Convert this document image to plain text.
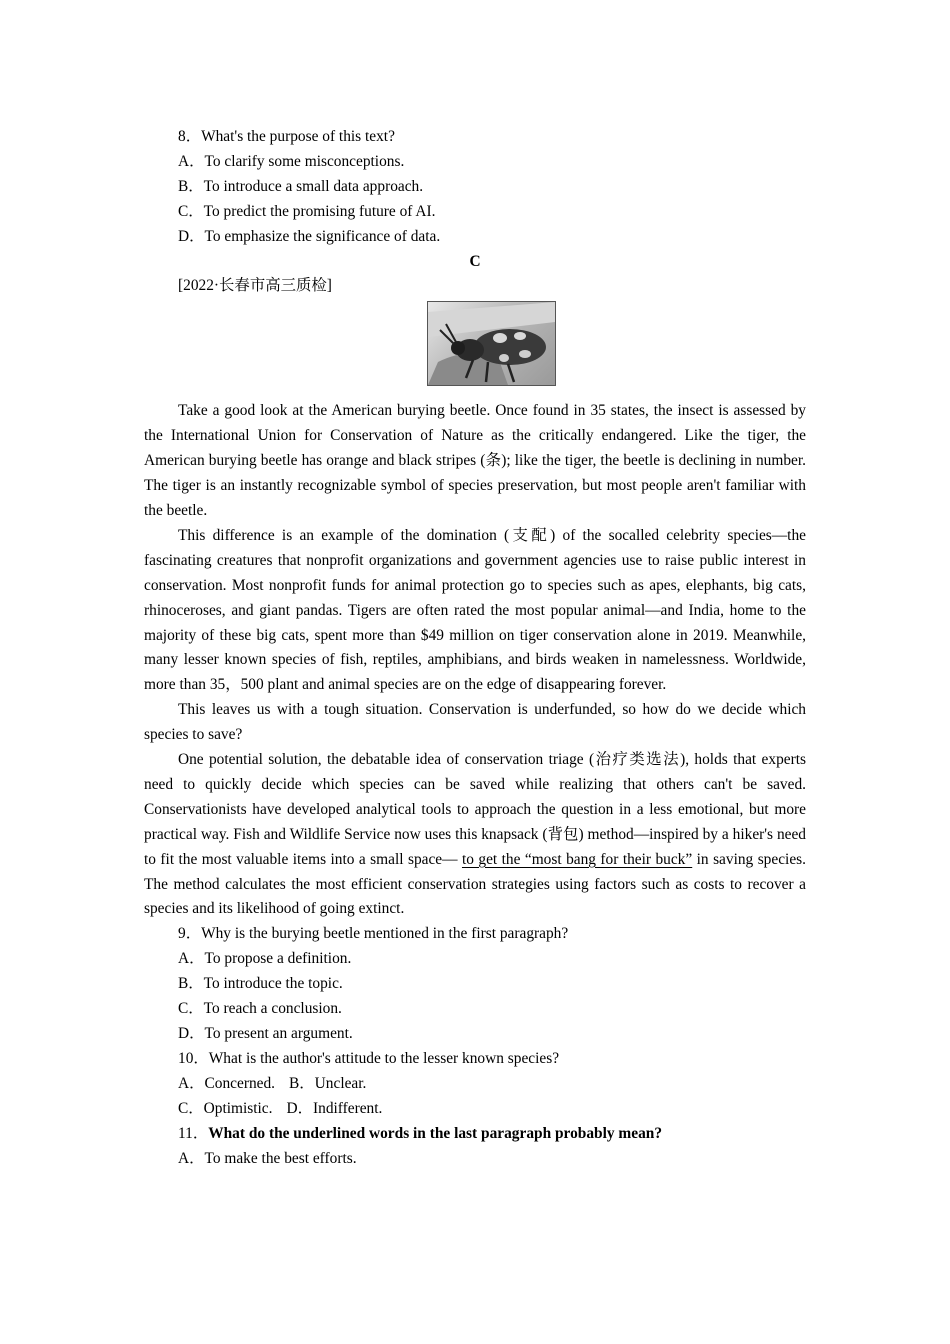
8．What's the purpose of this text?
A．To clarify some misconceptions.
B．To introduce a small data approach.
C．To predict the promising future of AI.
D．To emphasize the significance of data.
C
[2022·长春市高三质检]
Take a good look at the American burying beetle. Once found in 35 states, the insect is assessed by the International Union for Conservation of Nature as the critically endangered. Like the tiger, the American burying beetle has orange and black stripes (条); like the tiger, the beetle is declining in number. The tiger is an instantly recognizable symbol of species preservation, but most people aren't familiar with the beetle.
This difference is an example of the domination (支配) of the socalled celebrity species—the fascinating creatures that nonprofit organizations and government agencies use to raise public interest in conservation. Most nonprofit funds for animal protection go to species such as apes, elephants, big cats, rhinoceroses, and giant pandas. Tigers are often rated the most popular animal—and India, home to the majority of these big cats, spent more than $49 million on tiger conservation alone in 2019. Meanwhile, many lesser known species of fish, reptiles, amphibians, and birds weaken in namelessness. Worldwide, more than 35，500 plant and animal species are on the edge of disappearing forever.
This leaves us with a tough situation. Conservation is underfunded, so how do we decide which species to save?
One potential solution, the debatable idea of conservation triage (治疗类选法), holds that experts need to quickly decide which species can be saved while realizing that others can't be saved. Conservationists have developed analytical tools to approach the question in a less emotional, but more practical way. Fish and Wildlife Service now uses this knapsack (背包) method—inspired by a hiker's need to fit the most valuable items into a small space— to get the “most bang for their buck” in saving species. The method calculates the most efficient conservation strategies using factors such as costs to recover a species and its likelihood of going extinct.
9．Why is the burying beetle mentioned in the first paragraph?
A．To propose a definition.
B．To introduce the topic.
C．To reach a conclusion.
D．To present an argument.
10．What is the author's attitude to the lesser known species?
A．Concerned. B．Unclear.
C．Optimistic. D．Indifferent.
11．What do the underlined words in the last paragraph probably mean?
A．To make the best efforts.
